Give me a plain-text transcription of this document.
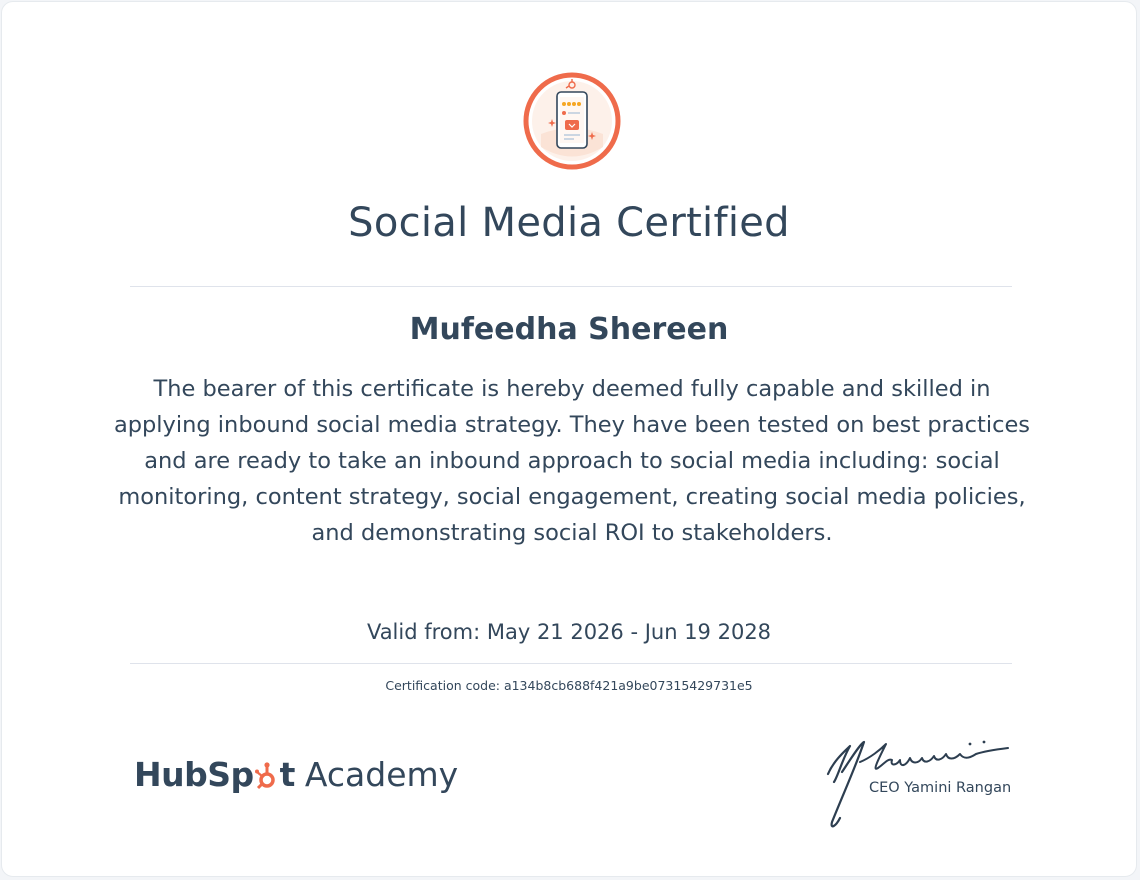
Social Media Certified
Mufeedha Shereen
The bearer of this certificate is hereby deemed fully capable and skilled in applying inbound social media strategy. They have been tested on best practices and are ready to take an inbound approach to social media including: social monitoring, content strategy, social engagement, creating social media policies, and demonstrating social ROI to stakeholders.
Valid from: May 21 2026 - Jun 19 2028
Certification code: a134b8cb688f421a9be07315429731e5
HubSp t Academy	CEO Yamini Rangan
